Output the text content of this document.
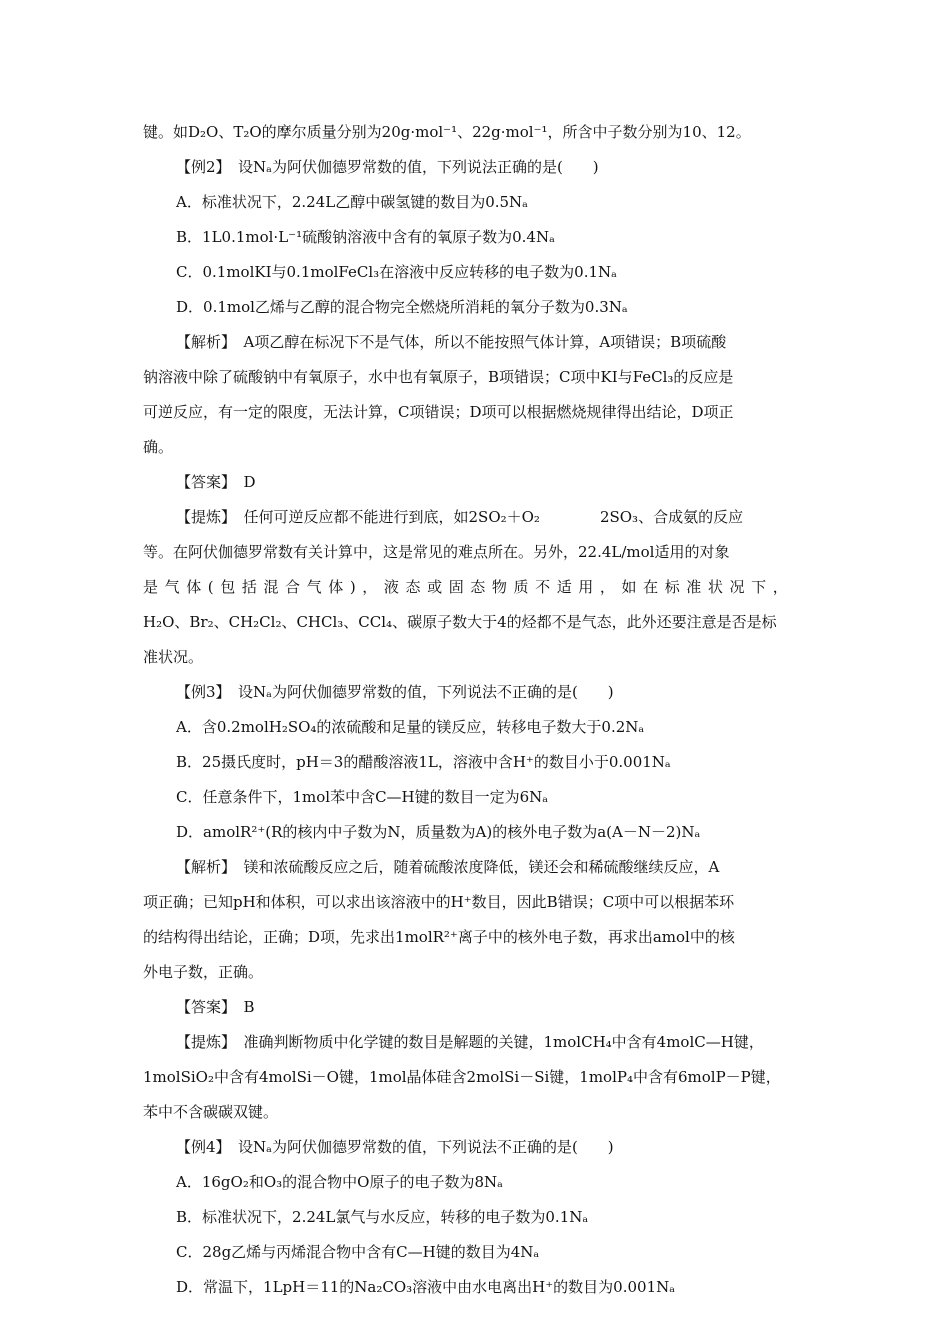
键。如D₂O、T₂O的摩尔质量分别为20g·mol⁻¹、22g·mol⁻¹，所含中子数分别为10、12。
【例2】　设Nₐ为阿伏伽德罗常数的值，下列说法正确的是(　　)
A．标准状况下，2.24L乙醇中碳氢键的数目为0.5Nₐ
B．1L0.1mol·L⁻¹硫酸钠溶液中含有的氧原子数为0.4Nₐ
C．0.1molKI与0.1molFeCl₃在溶液中反应转移的电子数为0.1Nₐ
D．0.1mol乙烯与乙醇的混合物完全燃烧所消耗的氧分子数为0.3Nₐ
【解析】　A项乙醇在标况下不是气体，所以不能按照气体计算，A项错误；B项硫酸
钠溶液中除了硫酸钠中有氧原子，水中也有氧原子，B项错误；C项中KI与FeCl₃的反应是
可逆反应，有一定的限度，无法计算，C项错误；D项可以根据燃烧规律得出结论，D项正
确。
【答案】　D
【提炼】　任何可逆反应都不能进行到底，如2SO₂＋O₂　　　　2SO₃、合成氨的反应
等。在阿伏伽德罗常数有关计算中，这是常见的难点所在。另外，22.4L/mol适用的对象
是气体(包括混合气体)，液态或固态物质不适用，如在标准状况下，
H₂O、Br₂、CH₂Cl₂、CHCl₃、CCl₄、碳原子数大于4的烃都不是气态，此外还要注意是否是标
准状况。
【例3】　设Nₐ为阿伏伽德罗常数的值，下列说法不正确的是(　　)
A．含0.2molH₂SO₄的浓硫酸和足量的镁反应，转移电子数大于0.2Nₐ
B．25摄氏度时，pH＝3的醋酸溶液1L，溶液中含H⁺的数目小于0.001Nₐ
C．任意条件下，1mol苯中含C—H键的数目一定为6Nₐ
D．amolR²⁺(R的核内中子数为N，质量数为A)的核外电子数为a(A－N－2)Nₐ
【解析】　镁和浓硫酸反应之后，随着硫酸浓度降低，镁还会和稀硫酸继续反应，A
项正确；已知pH和体积，可以求出该溶液中的H⁺数目，因此B错误；C项中可以根据苯环
的结构得出结论，正确；D项，先求出1molR²⁺离子中的核外电子数，再求出amol中的核
外电子数，正确。
【答案】　B
【提炼】　准确判断物质中化学键的数目是解题的关键，1molCH₄中含有4molC—H键，
1molSiO₂中含有4molSi－O键，1mol晶体硅含2molSi－Si键，1molP₄中含有6molP－P键，
苯中不含碳碳双键。
【例4】　设Nₐ为阿伏伽德罗常数的值，下列说法不正确的是(　　)
A．16gO₂和O₃的混合物中O原子的电子数为8Nₐ
B．标准状况下，2.24L氯气与水反应，转移的电子数为0.1Nₐ
C．28g乙烯与丙烯混合物中含有C—H键的数目为4Nₐ
D．常温下，1LpH＝11的Na₂CO₃溶液中由水电离出H⁺的数目为0.001Nₐ
